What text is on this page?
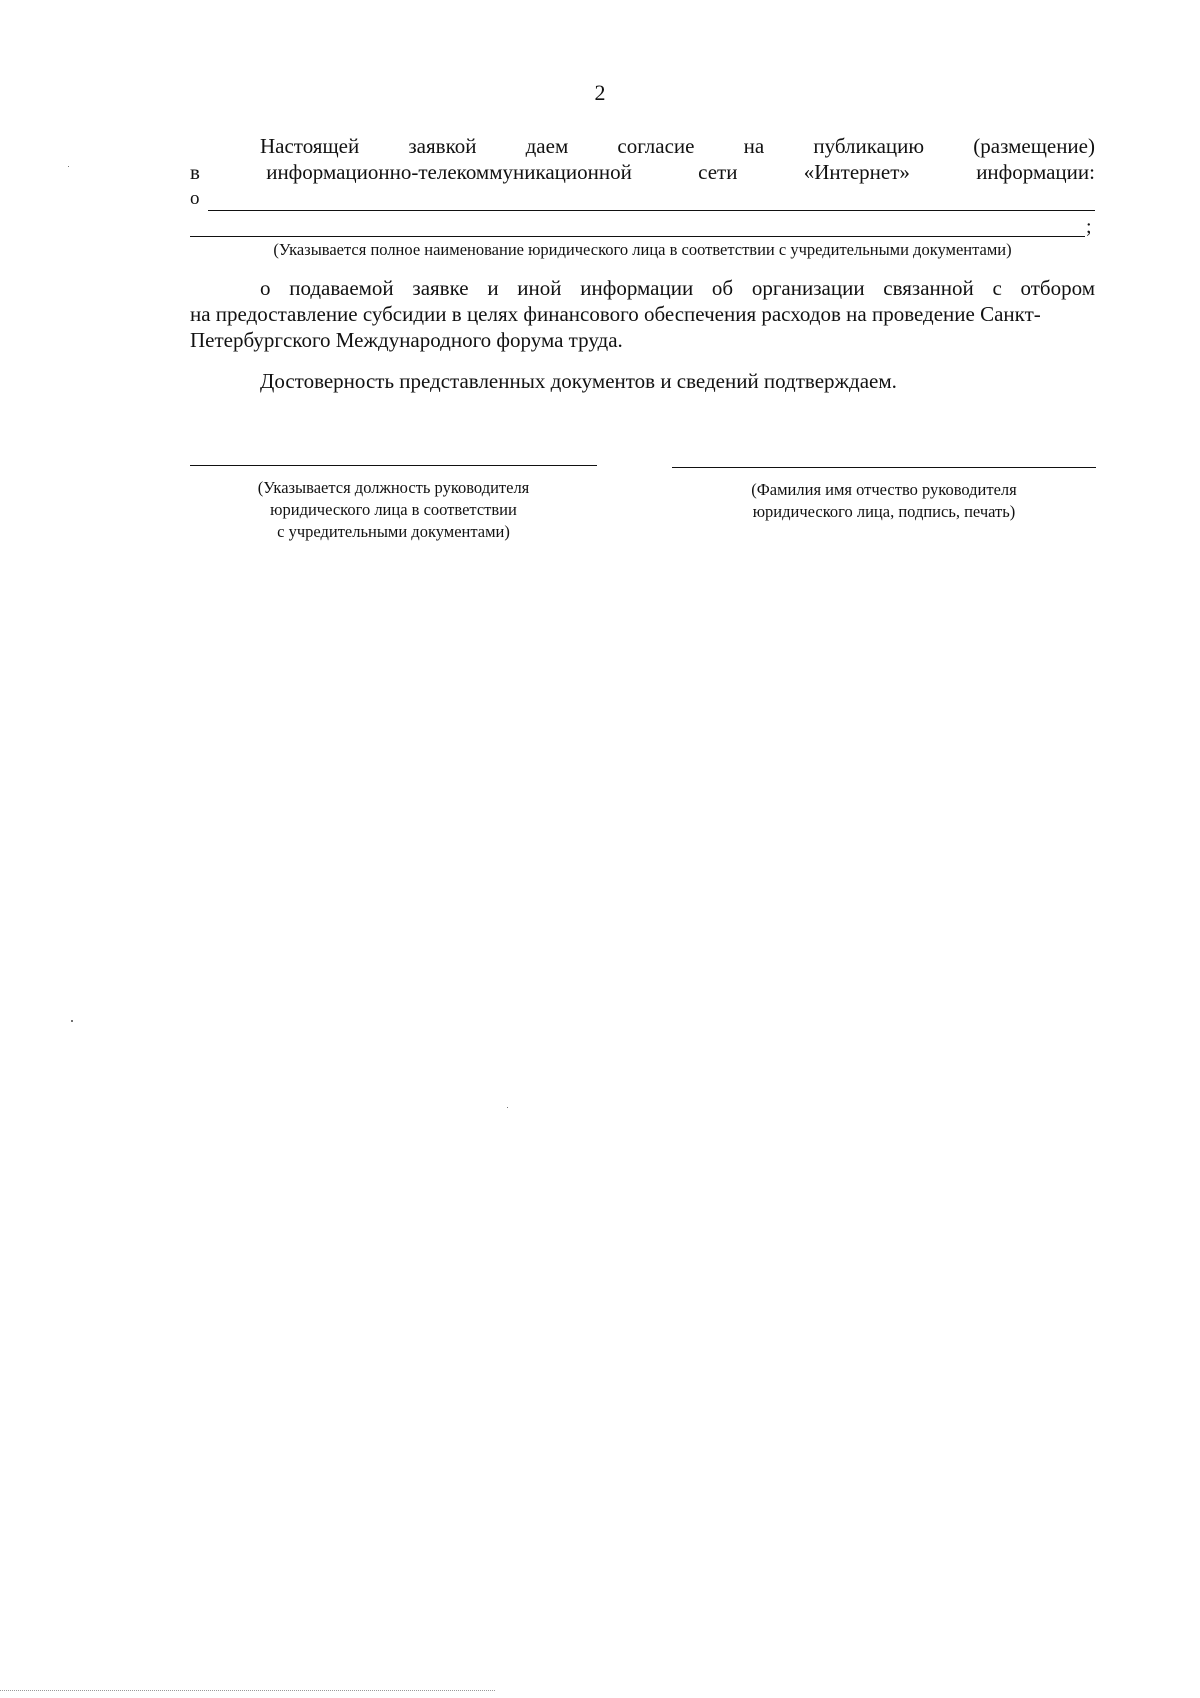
2
Настоящей заявкой даем согласие на публикацию (размещение)
в	информационно-телекоммуникационной	сети	«Интернет»	информации:
о
;
(Указывается полное наименование юридического лица в соответствии с учредительными документами)
о подаваемой заявке и иной информации об организации связанной с отбором
на предоставление субсидии в целях финансового обеспечения расходов на проведение Санкт-Петербургского Международного форума труда.
Достоверность представленных документов и сведений подтверждаем.
(Указывается должность руководителя
юридического лица в соответствии
с учредительными документами)
(Фамилия имя отчество руководителя
юридического лица, подпись, печать)
